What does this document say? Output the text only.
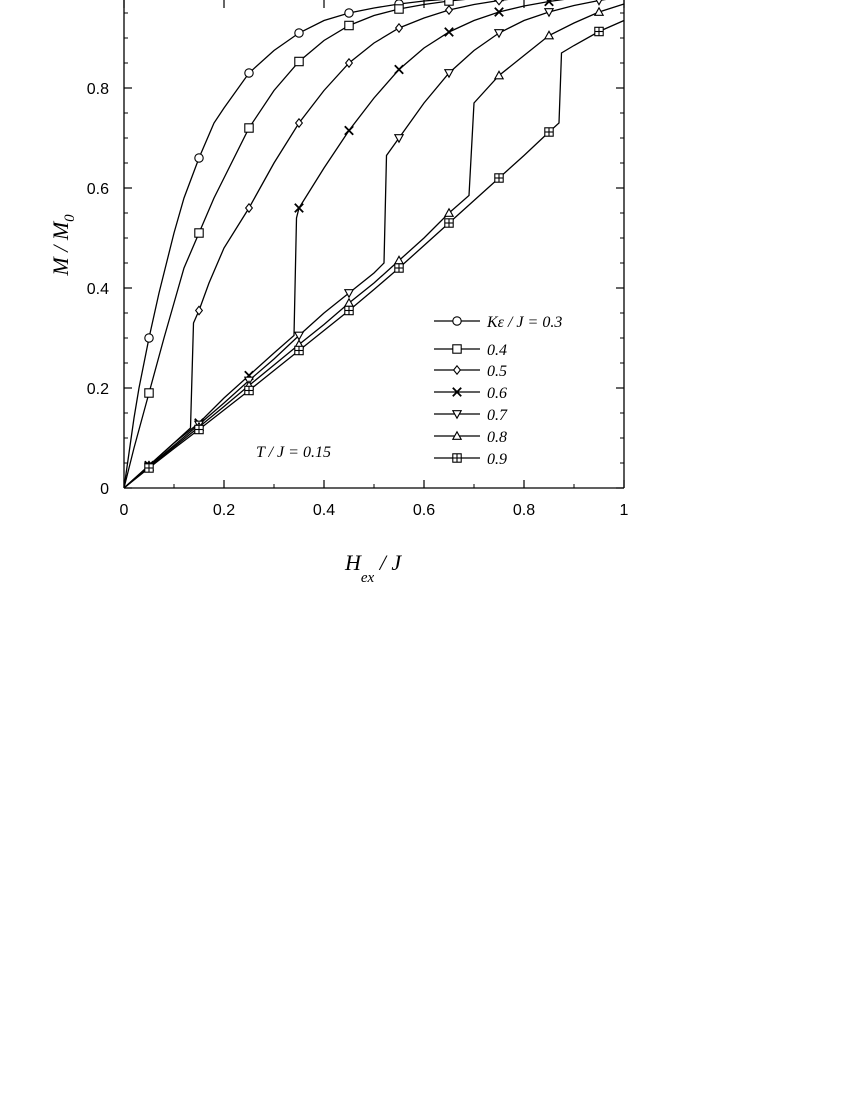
0	0.2	0.4	0.6	0.8	1
0
0.2
0.4
0.6
0.8
M / $M_0$
$H_{ex}$ / J
T / J = 0.15
Kε / J = 0.3
0.4
0.5
0.6
0.7
0.8
0.9
